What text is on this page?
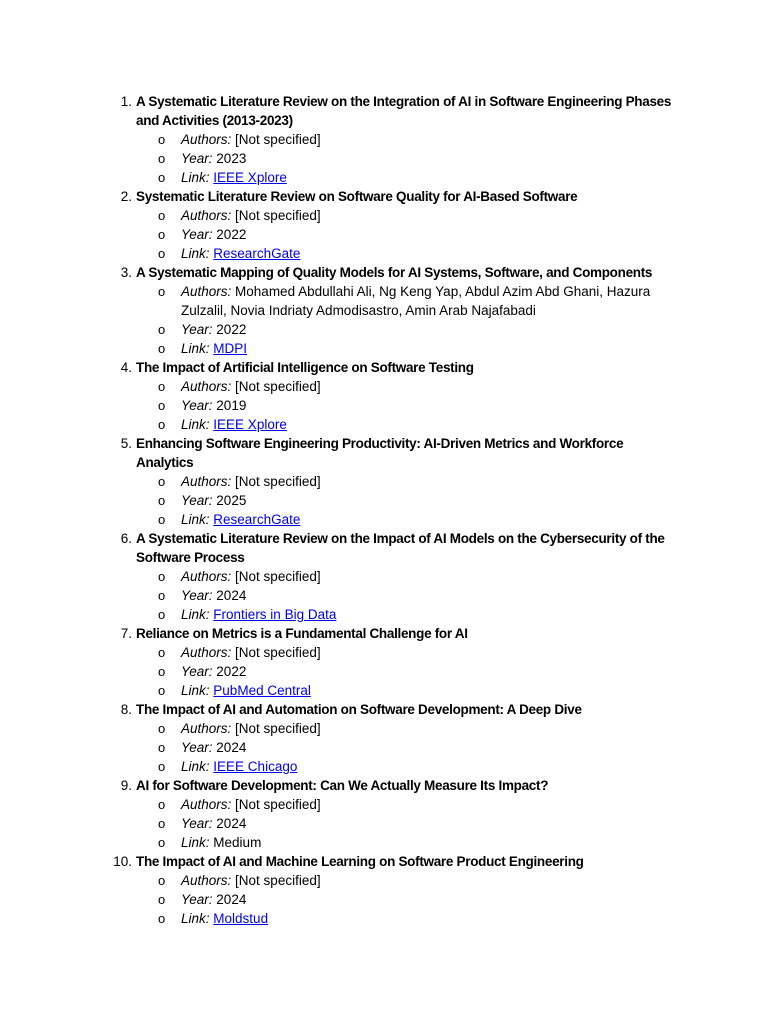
1. A Systematic Literature Review on the Integration of AI in Software Engineering Phases and Activities (2013-2023)
o Authors: [Not specified]
o Year: 2023
o Link: IEEE Xplore
2. Systematic Literature Review on Software Quality for AI-Based Software
o Authors: [Not specified]
o Year: 2022
o Link: ResearchGate
3. A Systematic Mapping of Quality Models for AI Systems, Software, and Components
o Authors: Mohamed Abdullahi Ali, Ng Keng Yap, Abdul Azim Abd Ghani, Hazura Zulzalil, Novia Indriaty Admodisastro, Amin Arab Najafabadi
o Year: 2022
o Link: MDPI
4. The Impact of Artificial Intelligence on Software Testing
o Authors: [Not specified]
o Year: 2019
o Link: IEEE Xplore
5. Enhancing Software Engineering Productivity: AI-Driven Metrics and Workforce Analytics
o Authors: [Not specified]
o Year: 2025
o Link: ResearchGate
6. A Systematic Literature Review on the Impact of AI Models on the Cybersecurity of the Software Process
o Authors: [Not specified]
o Year: 2024
o Link: Frontiers in Big Data
7. Reliance on Metrics is a Fundamental Challenge for AI
o Authors: [Not specified]
o Year: 2022
o Link: PubMed Central
8. The Impact of AI and Automation on Software Development: A Deep Dive
o Authors: [Not specified]
o Year: 2024
o Link: IEEE Chicago
9. AI for Software Development: Can We Actually Measure Its Impact?
o Authors: [Not specified]
o Year: 2024
o Link: Medium
10. The Impact of AI and Machine Learning on Software Product Engineering
o Authors: [Not specified]
o Year: 2024
o Link: Moldstud
